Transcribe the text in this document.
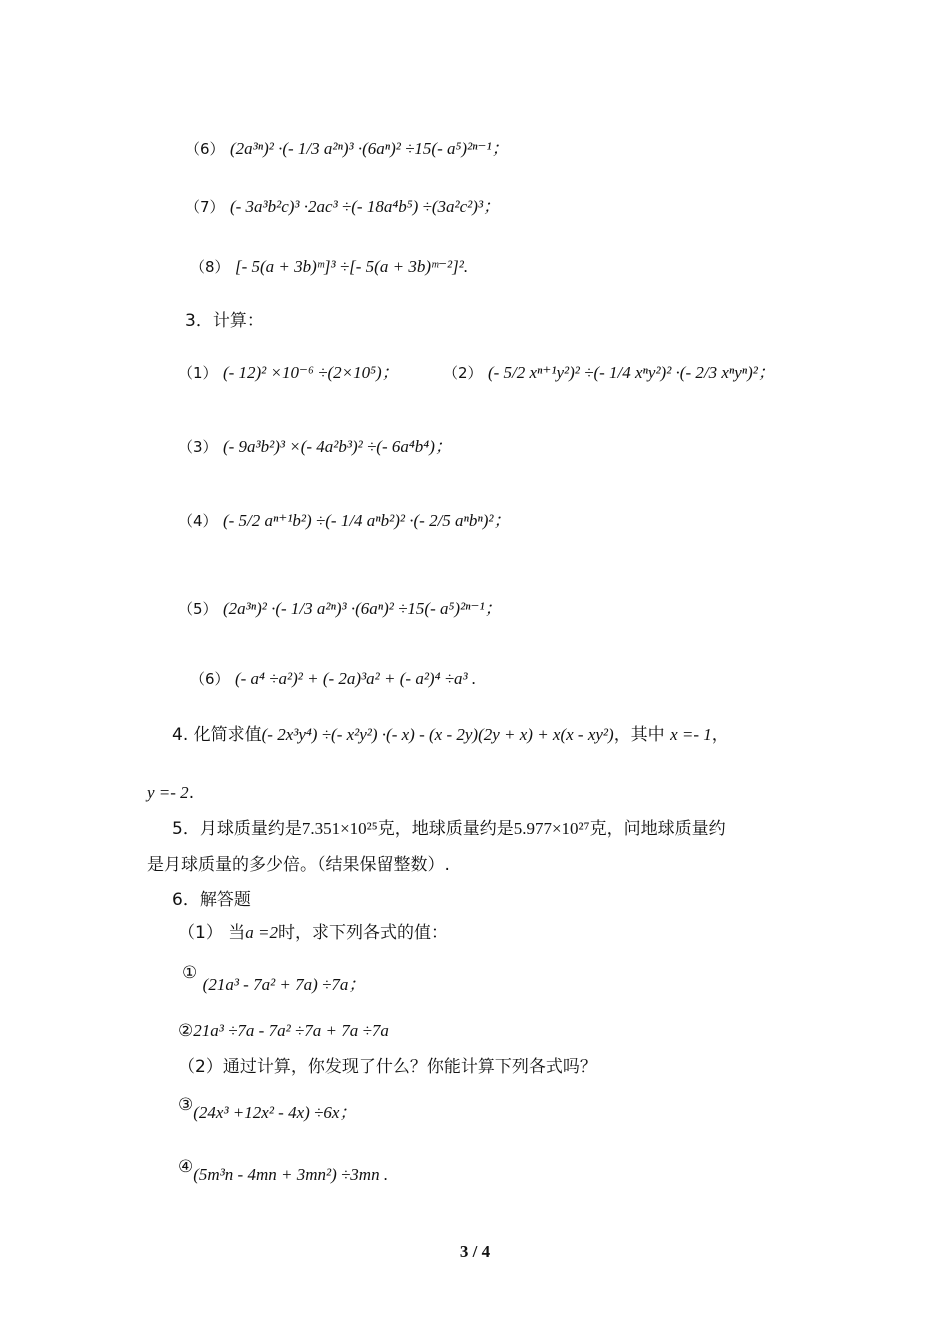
（6） (2a³ⁿ)² ·(- 1/3 a²ⁿ)³ ·(6aⁿ)² ÷15(- a⁵)²ⁿ⁻¹；
（7） (- 3a³b²c)³ ·2ac³ ÷(- 18a⁴b⁵) ÷(3a²c²)³；
（8） [- 5(a + 3b)ᵐ]³ ÷[- 5(a + 3b)ᵐ⁻²]².
3．计算：
（1） (- 12)² ×10⁻⁶ ÷(2×10⁵)；	（2） (- 5/2 xⁿ⁺¹y²)² ÷(- 1/4 xⁿy²)² ·(- 2/3 xⁿyⁿ)²；
（3） (- 9a³b²)³ ×(- 4a²b³)² ÷(- 6a⁴b⁴)；
（4） (- 5/2 aⁿ⁺¹b²) ÷(- 1/4 aⁿb²)² ·(- 2/5 aⁿbⁿ)²；
（5） (2a³ⁿ)² ·(- 1/3 a²ⁿ)³ ·(6aⁿ)² ÷15(- a⁵)²ⁿ⁻¹；
（6） (- a⁴ ÷a²)² + (- 2a)³a² + (- a²)⁴ ÷a³ .
4. 化简求值(- 2x³y⁴) ÷(- x²y²) ·(- x) - (x - 2y)(2y + x) + x(x - xy²)，其中 x =- 1，
y =- 2.
5．月球质量约是7.351×10²⁵克，地球质量约是5.977×10²⁷克，问地球质量约
是月球质量的多少倍。（结果保留整数）.
6．解答题
（1） 当a =2时，求下列各式的值：
① (21a³ - 7a² + 7a) ÷7a；
②21a³ ÷7a - 7a² ÷7a + 7a ÷7a
（2）通过计算，你发现了什么？你能计算下列各式吗？
③(24x³ +12x² - 4x) ÷6x；
④(5m³n - 4mn + 3mn²) ÷3mn .
3 / 4
